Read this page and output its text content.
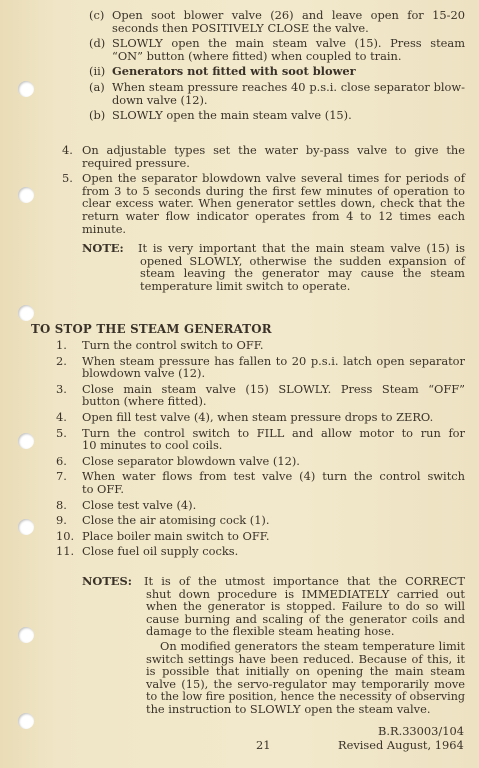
(c) Open soot blower valve (26) and leave open for 15-20
seconds then POSITIVELY CLOSE the valve.
(d) SLOWLY open the main steam valve (15). Press steam
“ON” button (where fitted) when coupled to train.
(ii) Generators not fitted with soot blower
(a) When steam pressure reaches 40 p.s.i. close separator blow-
down valve (12).
(b) SLOWLY open the main steam valve (15).
4. On adjustable types set the water by-pass valve to give the
required pressure.
5. Open the separator blowdown valve several times for periods of
from 3 to 5 seconds during the first few minutes of operation to
clear excess water. When generator settles down, check that the
return water flow indicator operates from 4 to 12 times each
minute.
NOTE: It is very important that the main steam valve (15) is
opened SLOWLY, otherwise the sudden expansion of
steam leaving the generator may cause the steam
temperature limit switch to operate.
1. Turn the control switch to OFF.
2. When steam pressure has fallen to 20 p.s.i. latch open separator
blowdown valve (12).
3. Close main steam valve (15) SLOWLY. Press Steam “OFF”
button (where fitted).
4. Open fill test valve (4), when steam pressure drops to ZERO.
5. Turn the control switch to FILL and allow motor to run for
10 minutes to cool coils.
6. Close separator blowdown valve (12).
7. When water flows from test valve (4) turn the control switch
to OFF.
8. Close test valve (4).
9. Close the air atomising cock (1).
10. Place boiler main switch to OFF.
11. Close fuel oil supply cocks.
NOTES: It is of the utmost importance that the CORRECT
shut down procedure is IMMEDIATELY carried out
when the generator is stopped. Failure to do so will
cause burning and scaling of the generator coils and
damage to the flexible steam heating hose.
On modified generators the steam temperature limit
switch settings have been reduced. Because of this, it
is possible that initially on opening the main steam
valve (15), the servo-regulator may temporarily move
to the low fire position, hence the necessity of observing
the instruction to SLOWLY open the steam valve.
TO STOP THE STEAM GENERATOR
B.R.33003/104
21	Revised August, 1964
